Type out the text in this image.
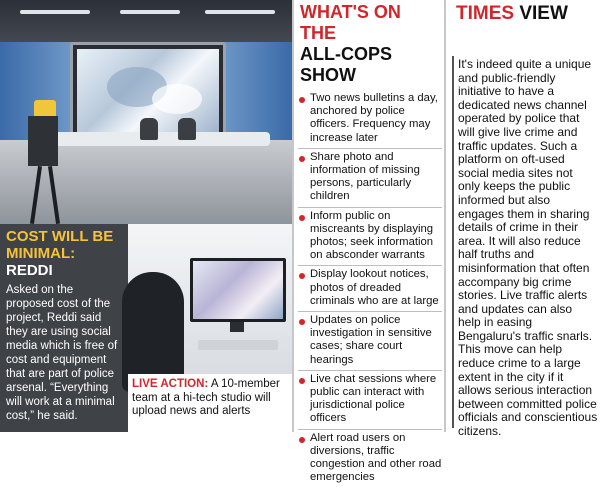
COST WILL BE MINIMAL: REDDI
Asked on the proposed cost of the project, Reddi said they are using social media which is free of cost and equipment that are part of police arsenal. “Everything will work at a minimal cost,” he said.
LIVE ACTION: A 10-member team at a hi-tech studio will upload news and alerts
WHAT'S ON THE
ALL-COPS SHOW
Two news bulletins a day, anchored by police officers. Frequency may increase later
Share photo and information of missing persons, particularly children
Inform public on miscreants by displaying photos; seek information on absconder warrants
Display lookout notices, photos of dreaded criminals who are at large
Updates on police investigation in sensitive cases; share court hearings
Live chat sessions where public can interact with jurisdictional police officers
Alert road users on diversions, traffic congestion and other road emergencies
TIMES VIEW
It's indeed quite a unique and public-friendly initiative to have a dedicated news channel operated by police that will give live crime and traffic updates. Such a platform on oft-used social media sites not only keeps the public informed but also engages them in sharing details of crime in their area. It will also reduce half truths and misinformation that often accompany big crime stories. Live traffic alerts and updates can also help in easing Bengaluru's traffic snarls. This move can help reduce crime to a large extent in the city if it allows serious interaction between committed police officials and conscientious citizens.
